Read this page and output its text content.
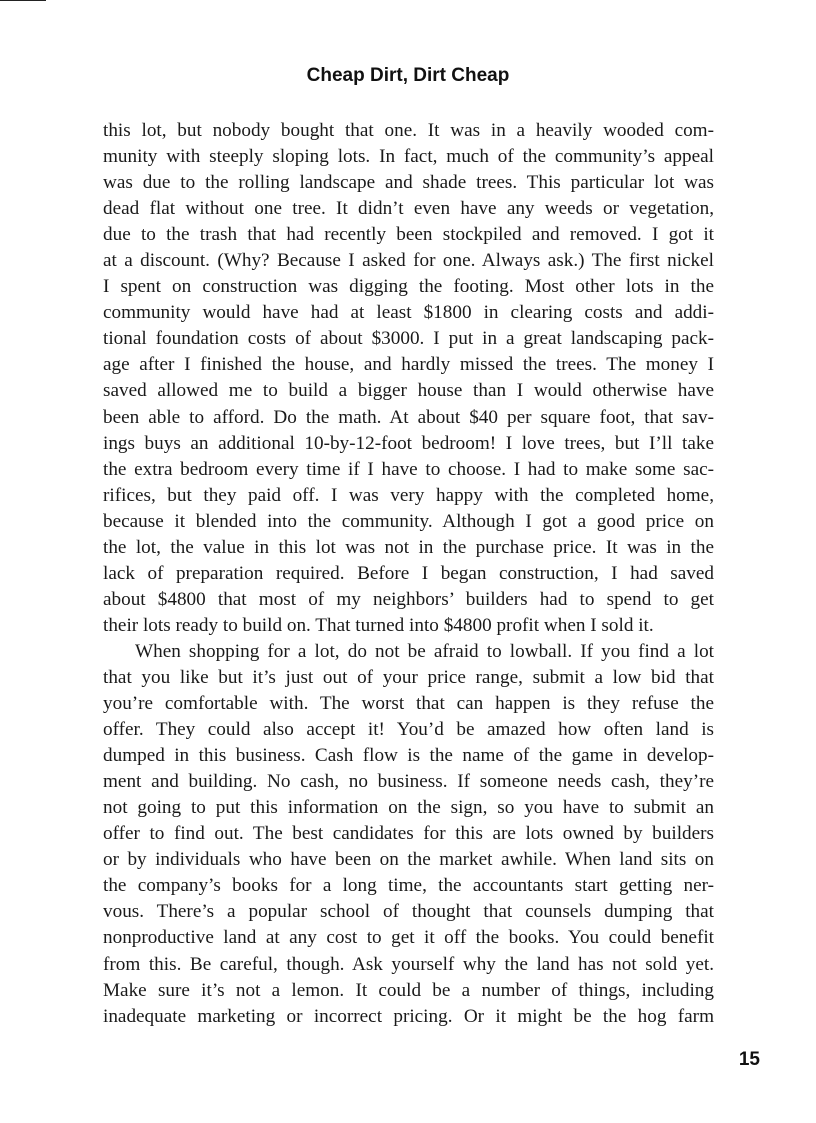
Cheap Dirt, Dirt Cheap
this lot, but nobody bought that one. It was in a heavily wooded com-
munity with steeply sloping lots. In fact, much of the community’s appeal
was due to the rolling landscape and shade trees. This particular lot was
dead flat without one tree. It didn’t even have any weeds or vegetation,
due to the trash that had recently been stockpiled and removed. I got it
at a discount. (Why? Because I asked for one. Always ask.) The first nickel
I spent on construction was digging the footing. Most other lots in the
community would have had at least $1800 in clearing costs and addi-
tional foundation costs of about $3000. I put in a great landscaping pack-
age after I finished the house, and hardly missed the trees. The money I
saved allowed me to build a bigger house than I would otherwise have
been able to afford. Do the math. At about $40 per square foot, that sav-
ings buys an additional 10-by-12-foot bedroom! I love trees, but I’ll take
the extra bedroom every time if I have to choose. I had to make some sac-
rifices, but they paid off. I was very happy with the completed home,
because it blended into the community. Although I got a good price on
the lot, the value in this lot was not in the purchase price. It was in the
lack of preparation required. Before I began construction, I had saved
about $4800 that most of my neighbors’ builders had to spend to get
their lots ready to build on. That turned into $4800 profit when I sold it.
When shopping for a lot, do not be afraid to lowball. If you find a lot
that you like but it’s just out of your price range, submit a low bid that
you’re comfortable with. The worst that can happen is they refuse the
offer. They could also accept it! You’d be amazed how often land is
dumped in this business. Cash flow is the name of the game in develop-
ment and building. No cash, no business. If someone needs cash, they’re
not going to put this information on the sign, so you have to submit an
offer to find out. The best candidates for this are lots owned by builders
or by individuals who have been on the market awhile. When land sits on
the company’s books for a long time, the accountants start getting ner-
vous. There’s a popular school of thought that counsels dumping that
nonproductive land at any cost to get it off the books. You could benefit
from this. Be careful, though. Ask yourself why the land has not sold yet.
Make sure it’s not a lemon. It could be a number of things, including
inadequate marketing or incorrect pricing. Or it might be the hog farm
15
